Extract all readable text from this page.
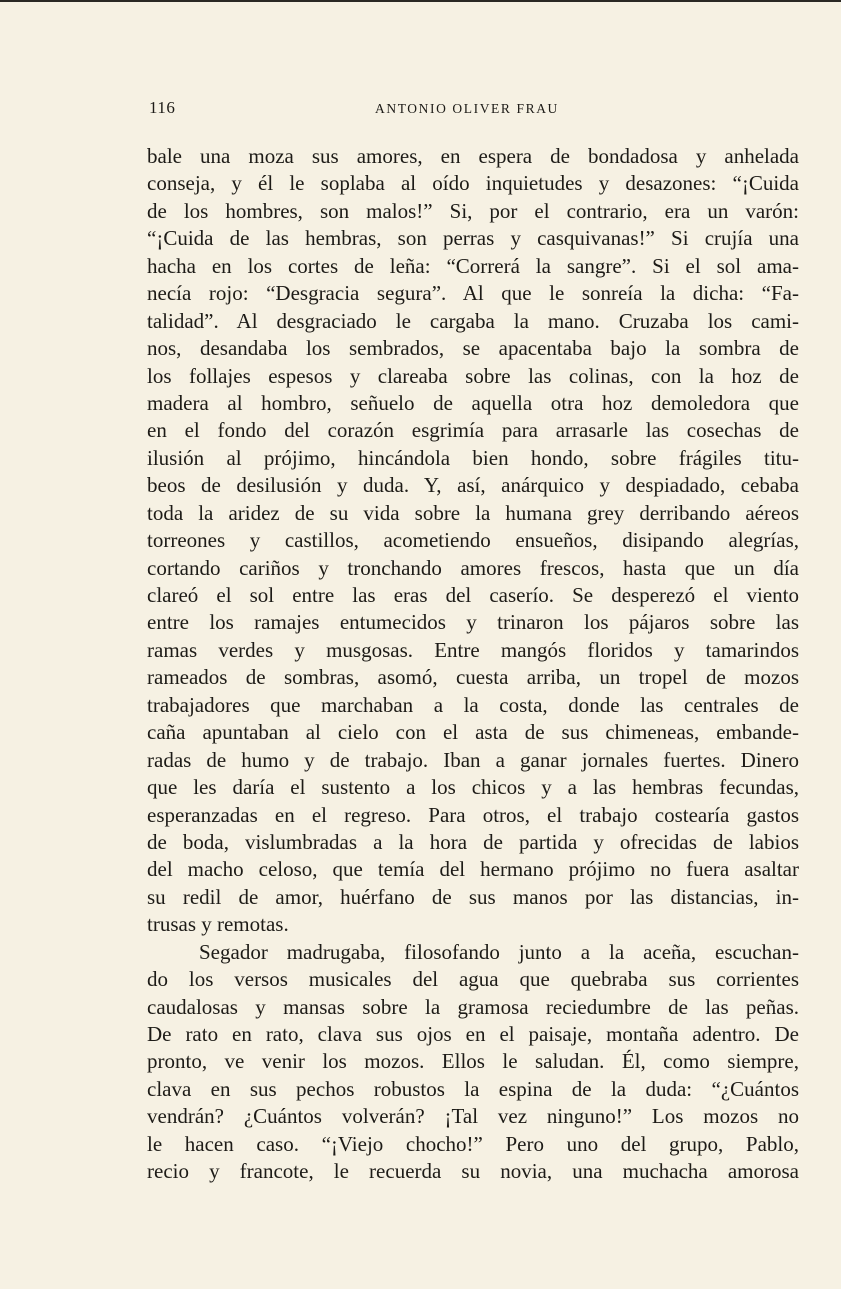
116	ANTONIO OLIVER FRAU
bale una moza sus amores, en espera de bondadosa y anhelada
conseja, y él le soplaba al oído inquietudes y desazones: “¡Cuida
de los hombres, son malos!” Si, por el contrario, era un varón:
“¡Cuida de las hembras, son perras y casquivanas!” Si crujía una
hacha en los cortes de leña: “Correrá la sangre”. Si el sol ama-
necía rojo: “Desgracia segura”. Al que le sonreía la dicha: “Fa-
talidad”. Al desgraciado le cargaba la mano. Cruzaba los cami-
nos, desandaba los sembrados, se apacentaba bajo la sombra de
los follajes espesos y clareaba sobre las colinas, con la hoz de
madera al hombro, señuelo de aquella otra hoz demoledora que
en el fondo del corazón esgrimía para arrasarle las cosechas de
ilusión al prójimo, hincándola bien hondo, sobre frágiles titu-
beos de desilusión y duda. Y, así, anárquico y despiadado, cebaba
toda la aridez de su vida sobre la humana grey derribando aéreos
torreones y castillos, acometiendo ensueños, disipando alegrías,
cortando cariños y tronchando amores frescos, hasta que un día
clareó el sol entre las eras del caserío. Se desperezó el viento
entre los ramajes entumecidos y trinaron los pájaros sobre las
ramas verdes y musgosas. Entre mangós floridos y tamarindos
rameados de sombras, asomó, cuesta arriba, un tropel de mozos
trabajadores que marchaban a la costa, donde las centrales de
caña apuntaban al cielo con el asta de sus chimeneas, embande-
radas de humo y de trabajo. Iban a ganar jornales fuertes. Dinero
que les daría el sustento a los chicos y a las hembras fecundas,
esperanzadas en el regreso. Para otros, el trabajo costearía gastos
de boda, vislumbradas a la hora de partida y ofrecidas de labios
del macho celoso, que temía del hermano prójimo no fuera asaltar
su redil de amor, huérfano de sus manos por las distancias, in-
trusas y remotas.
Segador madrugaba, filosofando junto a la aceña, escuchan-
do los versos musicales del agua que quebraba sus corrientes
caudalosas y mansas sobre la gramosa reciedumbre de las peñas.
De rato en rato, clava sus ojos en el paisaje, montaña adentro. De
pronto, ve venir los mozos. Ellos le saludan. Él, como siempre,
clava en sus pechos robustos la espina de la duda: “¿Cuántos
vendrán? ¿Cuántos volverán? ¡Tal vez ninguno!” Los mozos no
le hacen caso. “¡Viejo chocho!” Pero uno del grupo, Pablo,
recio y francote, le recuerda su novia, una muchacha amorosa
